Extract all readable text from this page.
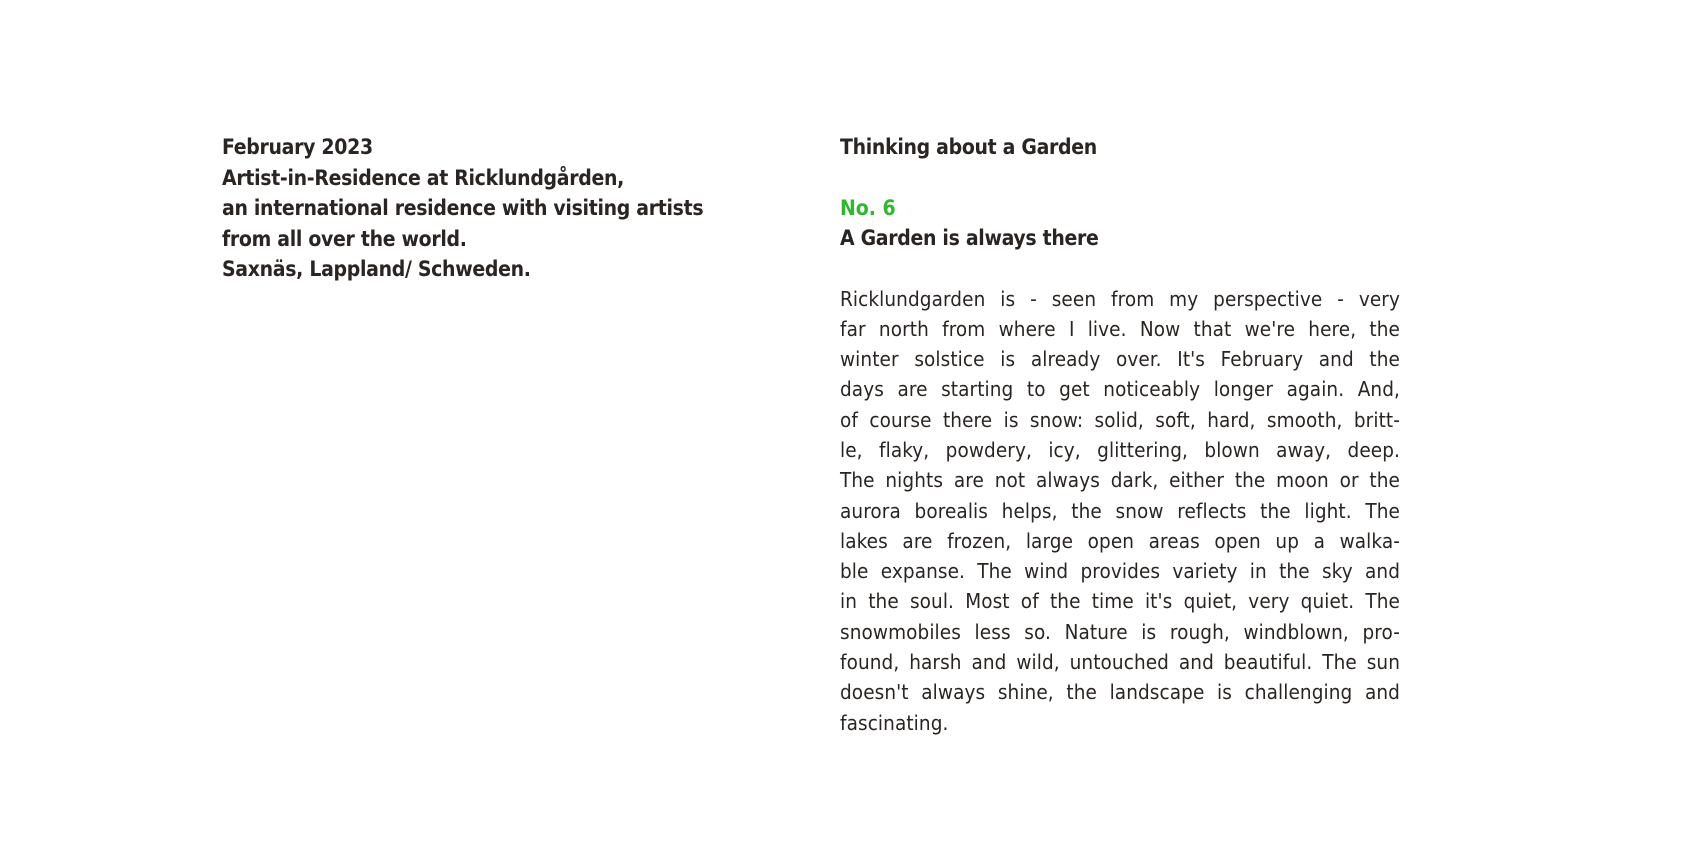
February 2023
Artist-in-Residence at Ricklundgården,
an international residence with visiting artists
from all over the world.
Saxnäs, Lappland/ Schweden.
Thinking about a Garden
No. 6
A Garden is always there
Ricklundgarden is - seen from my perspective - very
far north from where I live. Now that we're here, the
winter solstice is already over. It's February and the
days are starting to get noticeably longer again. And,
of course there is snow: solid, soft, hard, smooth, britt-
le, flaky, powdery, icy, glittering, blown away, deep.
The nights are not always dark, either the moon or the
aurora borealis helps, the snow reflects the light. The
lakes are frozen, large open areas open up a walka-
ble expanse. The wind provides variety in the sky and
in the soul. Most of the time it's quiet, very quiet. The
snowmobiles less so. Nature is rough, windblown, pro-
found, harsh and wild, untouched and beautiful. The sun
doesn't always shine, the landscape is challenging and
fascinating.
